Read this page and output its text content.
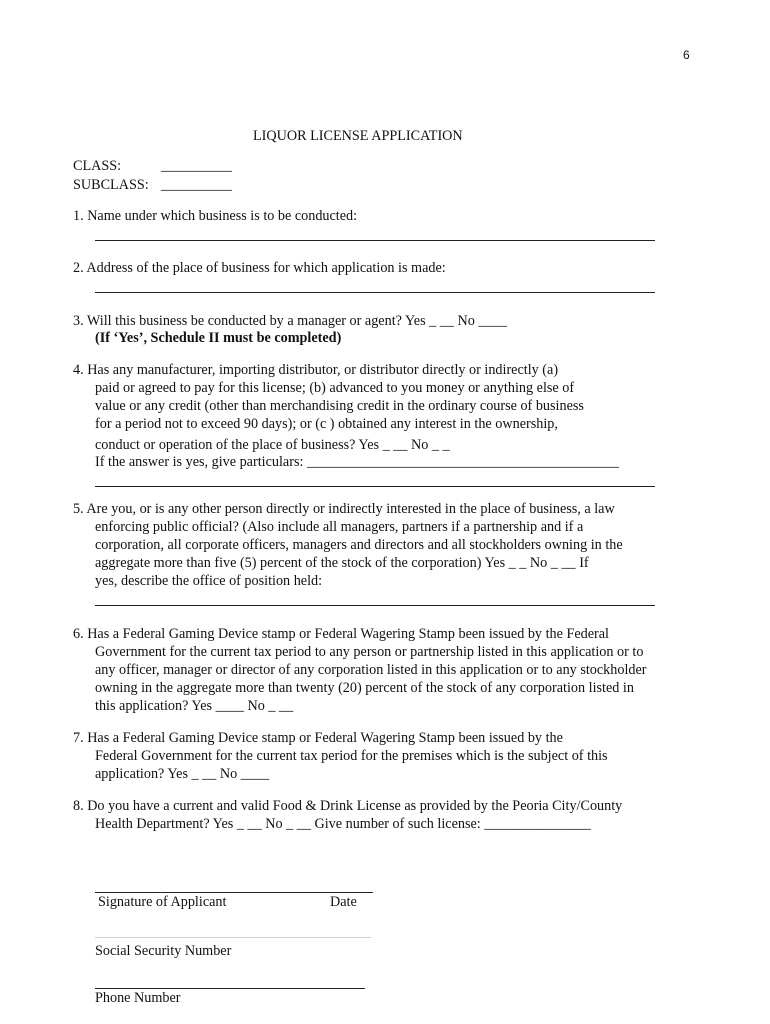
6
LIQUOR LICENSE APPLICATION
CLASS:	__________
SUBCLASS: __________
1. Name under which business is to be conducted:
2. Address of the place of business for which application is made:
3. Will this business be conducted by a manager or agent? Yes _ __ No ____
(If ‘Yes’, Schedule II must be completed)
4. Has any manufacturer, importing distributor, or distributor directly or indirectly (a)
paid or agreed to pay for this license; (b) advanced to you money or anything else of
value or any credit (other than merchandising credit in the ordinary course of business
for a period not to exceed 90 days); or (c ) obtained any interest in the ownership,
conduct or operation of the place of business? Yes _ __ No _ _
If the answer is yes, give particulars: ____________________________________________
5. Are you, or is any other person directly or indirectly interested in the place of business, a law
enforcing public official? (Also include all managers, partners if a partnership and if a
corporation, all corporate officers, managers and directors and all stockholders owning in the
aggregate more than five (5) percent of the stock of the corporation) Yes _ _ No _ __ If
yes, describe the office of position held:
6. Has a Federal Gaming Device stamp or Federal Wagering Stamp been issued by the Federal
Government for the current tax period to any person or partnership listed in this application or to
any officer, manager or director of any corporation listed in this application or to any stockholder
owning in the aggregate more than twenty (20) percent of the stock of any corporation listed in
this application? Yes ____ No _ __
7. Has a Federal Gaming Device stamp or Federal Wagering Stamp been issued by the
Federal Government for the current tax period for the premises which is the subject of this
application? Yes _ __ No ____
8. Do you have a current and valid Food & Drink License as provided by the Peoria City/County
Health Department? Yes _ __ No _ __ Give number of such license: _______________
Signature of Applicant	Date
Social Security Number
Phone Number
